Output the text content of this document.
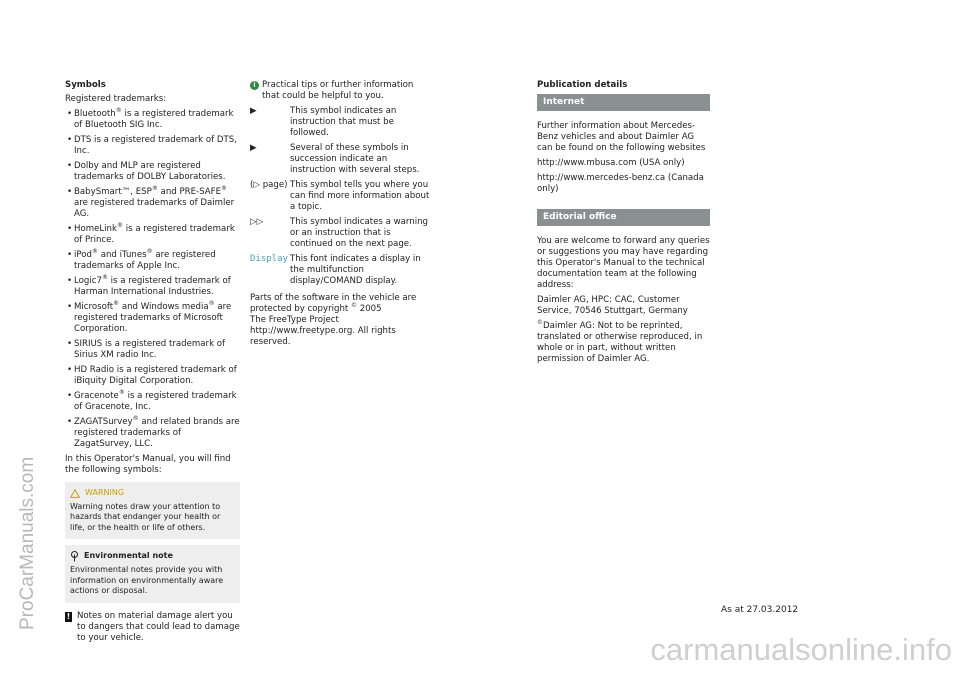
Symbols

Registered trademarks:

• Bluetooth® is a registered trademark of Bluetooth SIG Inc.
• DTS is a registered trademark of DTS, Inc.
• Dolby and MLP are registered trademarks of DOLBY Laboratories.
• BabySmart™, ESP® and PRE-SAFE® are registered trademarks of Daimler AG.
• HomeLink® is a registered trademark of Prince.
• iPod® and iTunes® are registered trademarks of Apple Inc.
• Logic7® is a registered trademark of Harman International Industries.
• Microsoft® and Windows media® are registered trademarks of Microsoft Corporation.
• SIRIUS is a registered trademark of Sirius XM radio Inc.
• HD Radio is a registered trademark of iBiquity Digital Corporation.
• Gracenote® is a registered trademark of Gracenote, Inc.
• ZAGATSurvey® and related brands are registered trademarks of ZagatSurvey, LLC.

In this Operator's Manual, you will find the following symbols:

WARNING
Warning notes draw your attention to hazards that endanger your health or life, or the health or life of others.
Environmental note
Environmental notes provide you with information on environmentally aware actions or disposal.
! Notes on material damage alert you to dangers that could lead to damage to your vehicle.
i Practical tips or further information that could be helpful to you.
▶	This symbol indicates an instruction that must be followed.
▶	Several of these symbols in succession indicate an instruction with several steps.
(▷ page) This symbol tells you where you can find more information about a topic.
▷▷	This symbol indicates a warning or an instruction that is continued on the next page.
Display This font indicates a display in the multifunction display/COMAND display.

Parts of the software in the vehicle are protected by copyright © 2005
The FreeType Project
http://www.freetype.org. All rights reserved.

Publication details
Internet

Further information about Mercedes-Benz vehicles and about Daimler AG can be found on the following websites

http://www.mbusa.com (USA only)

http://www.mercedes-benz.ca (Canada only)

Editorial office

You are welcome to forward any queries or suggestions you may have regarding this Operator's Manual to the technical documentation team at the following address:

Daimler AG, HPC: CAC, Customer Service, 70546 Stuttgart, Germany

©Daimler AG: Not to be reprinted, translated or otherwise reproduced, in whole or in part, without written permission of Daimler AG.

As at 27.03.2012
ProCarManuals.com
carmanualsonline.info
